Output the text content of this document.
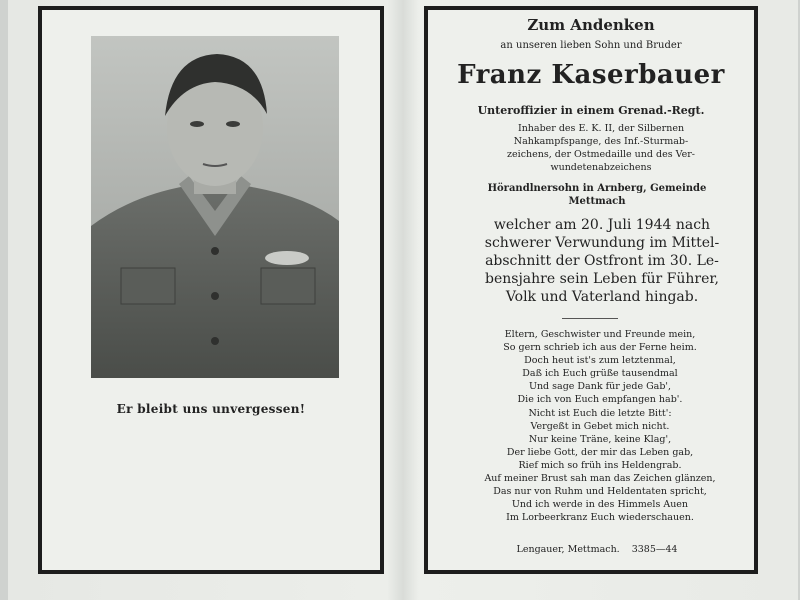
Er bleibt uns unvergessen!
Zum Andenken
an unseren lieben Sohn und Bruder
Franz Kaserbauer
Unteroffizier in einem Grenad.-Regt.
Inhaber des E. K. II, der Silbernen
Nahkampfspange, des Inf.-Sturmab-
zeichens, der Ostmedaille und des Ver-
wundetenabzeichens
Hörandlnersohn in Arnberg, Gemeinde
Mettmach
welcher am 20. Juli 1944 nach
schwerer Verwundung im Mittel-
abschnitt der Ostfront im 30. Le-
bensjahre sein Leben für Führer,
Volk und Vaterland hingab.
Eltern, Geschwister und Freunde mein,
So gern schrieb ich aus der Ferne heim.
Doch heut ist's zum letztenmal,
Daß ich Euch grüße tausendmal
Und sage Dank für jede Gab',
Die ich von Euch empfangen hab'.
Nicht ist Euch die letzte Bitt':
Vergeßt in Gebet mich nicht.
Nur keine Träne, keine Klag',
Der liebe Gott, der mir das Leben gab,
Rief mich so früh ins Heldengrab.
Auf meiner Brust sah man das Zeichen glänzen,
Das nur von Ruhm und Heldentaten spricht,
Und ich werde in des Himmels Auen
Im Lorbeerkranz Euch wiederschauen.
Lengauer, Mettmach. 3385—44
